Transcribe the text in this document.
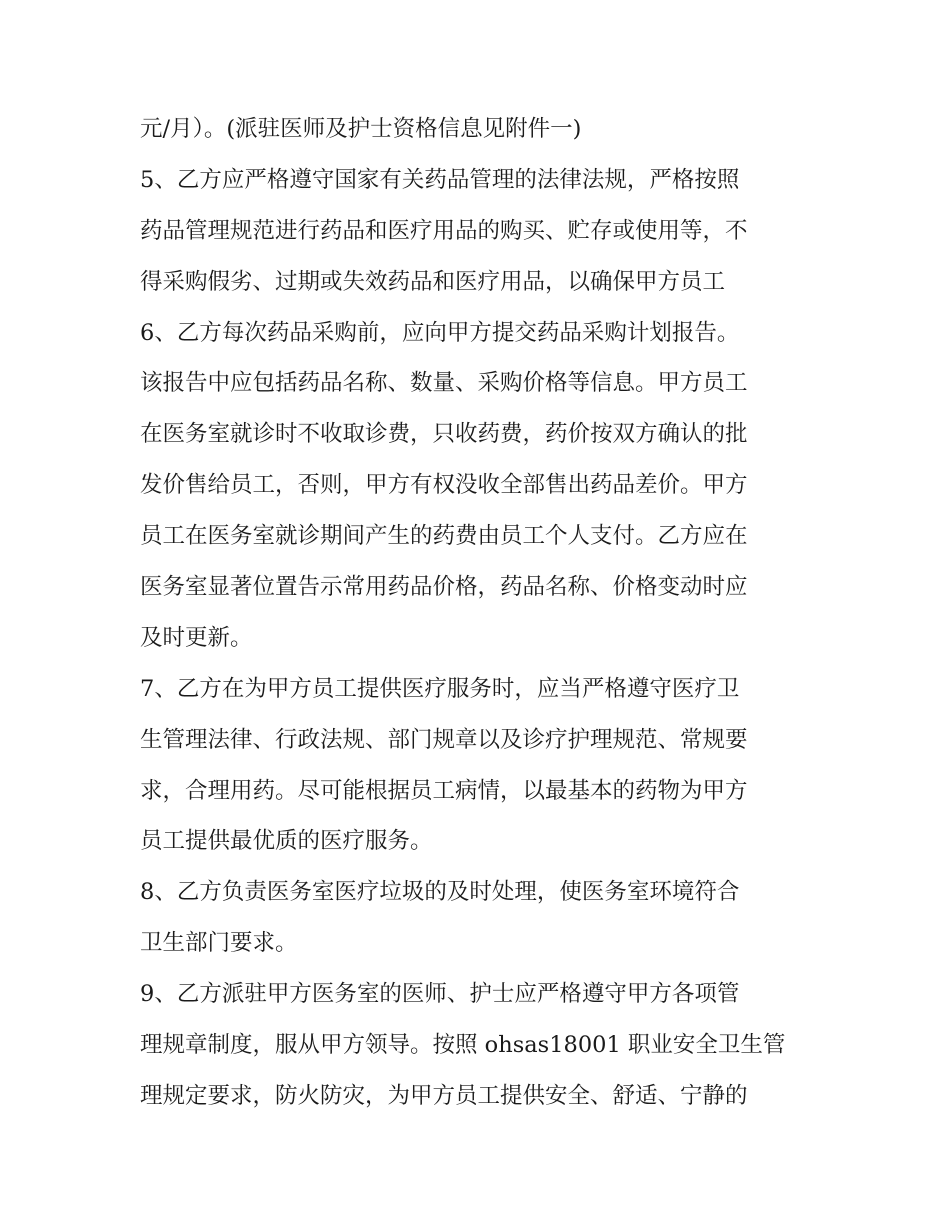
元/月）。(派驻医师及护士资格信息见附件一)
5、乙方应严格遵守国家有关药品管理的法律法规，严格按照
药品管理规范进行药品和医疗用品的购买、贮存或使用等，不
得采购假劣、过期或失效药品和医疗用品，以确保甲方员工
6、乙方每次药品采购前，应向甲方提交药品采购计划报告。
该报告中应包括药品名称、数量、采购价格等信息。甲方员工
在医务室就诊时不收取诊费，只收药费，药价按双方确认的批
发价售给员工，否则，甲方有权没收全部售出药品差价。甲方
员工在医务室就诊期间产生的药费由员工个人支付。乙方应在
医务室显著位置告示常用药品价格，药品名称、价格变动时应
及时更新。
7、乙方在为甲方员工提供医疗服务时，应当严格遵守医疗卫
生管理法律、行政法规、部门规章以及诊疗护理规范、常规要
求，合理用药。尽可能根据员工病情，以最基本的药物为甲方
员工提供最优质的医疗服务。
8、乙方负责医务室医疗垃圾的及时处理，使医务室环境符合
卫生部门要求。
9、乙方派驻甲方医务室的医师、护士应严格遵守甲方各项管
理规章制度，服从甲方领导。按照 ohsas18001 职业安全卫生管
理规定要求，防火防灾，为甲方员工提供安全、舒适、宁静的
